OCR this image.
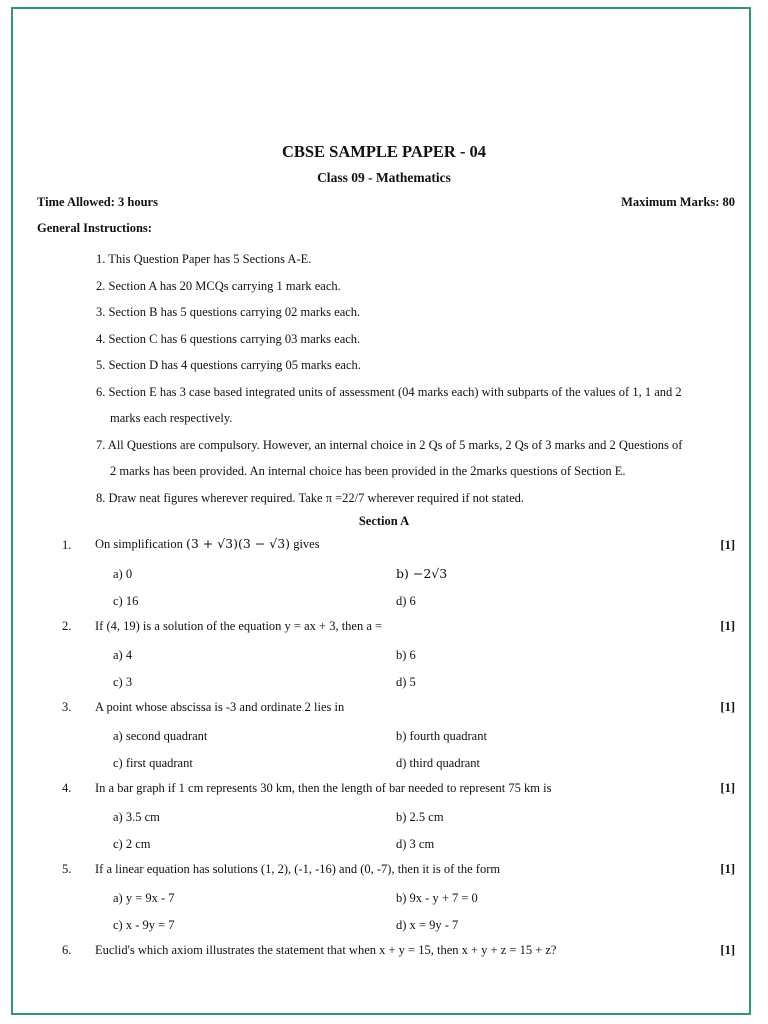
CBSE SAMPLE PAPER - 04
Class 09 - Mathematics
Time Allowed: 3 hours	Maximum Marks: 80
General Instructions:
1. This Question Paper has 5 Sections A-E.
2. Section A has 20 MCQs carrying 1 mark each.
3. Section B has 5 questions carrying 02 marks each.
4. Section C has 6 questions carrying 03 marks each.
5. Section D has 4 questions carrying 05 marks each.
6. Section E has 3 case based integrated units of assessment (04 marks each) with subparts of the values of 1, 1 and 2
marks each respectively.
7. All Questions are compulsory. However, an internal choice in 2 Qs of 5 marks, 2 Qs of 3 marks and 2 Questions of
2 marks has been provided. An internal choice has been provided in the 2marks questions of Section E.
8. Draw neat figures wherever required. Take π =22/7 wherever required if not stated.
Section A
1. On simplification (3 + √3)(3 − √3) gives	[1]
a) 0	b) −2√3
c) 16	d) 6
2. If (4, 19) is a solution of the equation y = ax + 3, then a =	[1]
a) 4	b) 6
c) 3	d) 5
3. A point whose abscissa is -3 and ordinate 2 lies in	[1]
a) second quadrant	b) fourth quadrant
c) first quadrant	d) third quadrant
4. In a bar graph if 1 cm represents 30 km, then the length of bar needed to represent 75 km is	[1]
a) 3.5 cm	b) 2.5 cm
c) 2 cm	d) 3 cm
5. If a linear equation has solutions (1, 2), (-1, -16) and (0, -7), then it is of the form	[1]
a) y = 9x - 7	b) 9x - y + 7 = 0
c) x - 9y = 7	d) x = 9y - 7
6. Euclid's which axiom illustrates the statement that when x + y = 15, then x + y + z = 15 + z?	[1]
